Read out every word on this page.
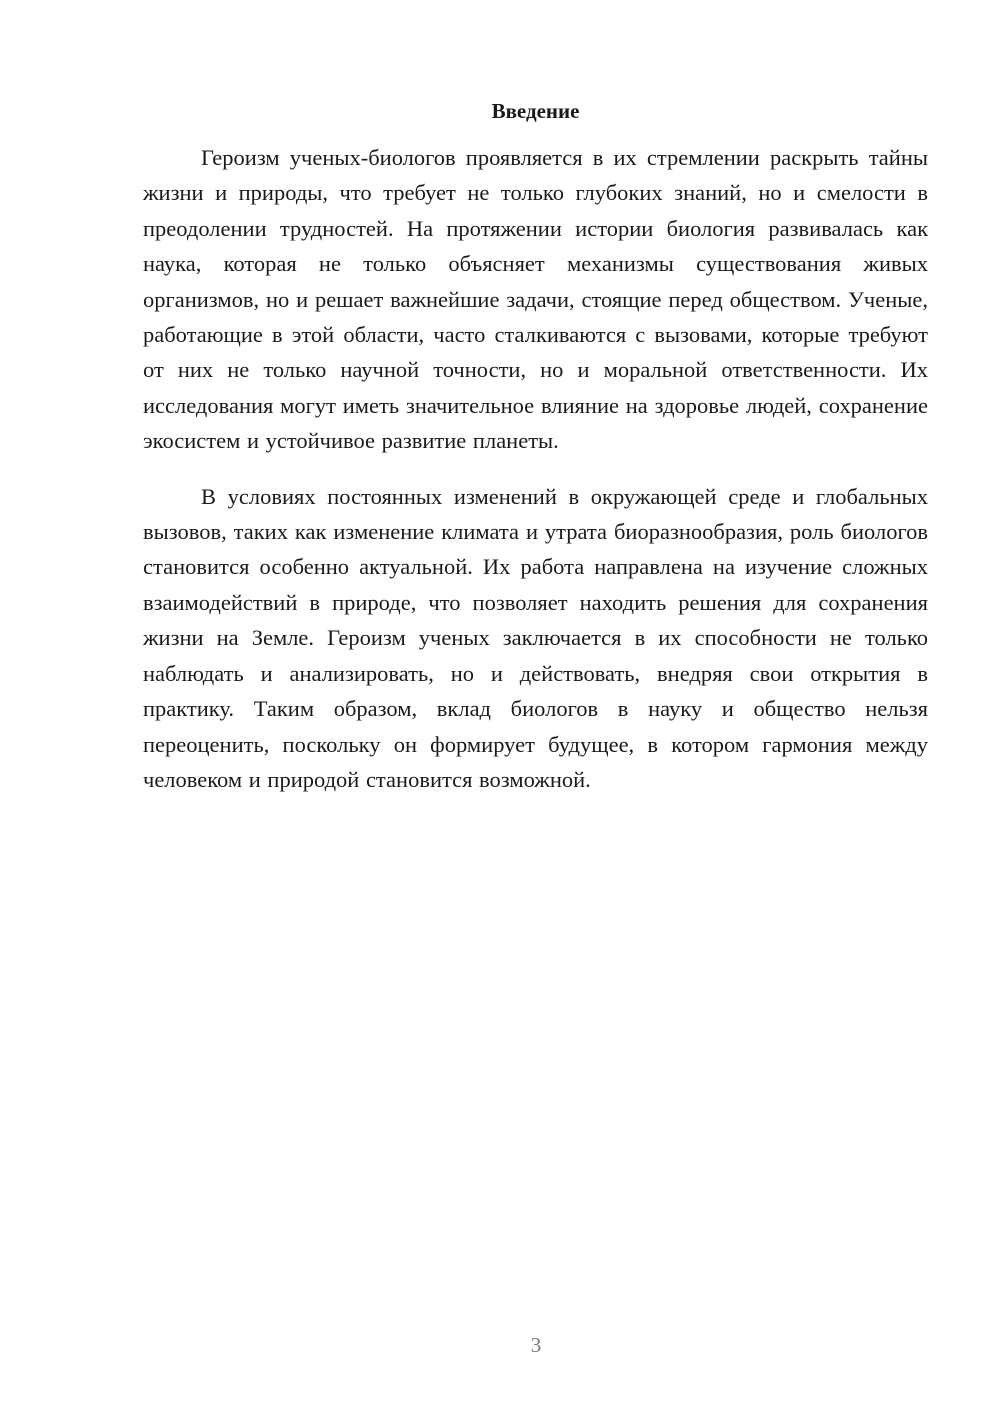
Введение

Героизм ученых-биологов проявляется в их стремлении раскрыть тайны жизни и природы, что требует не только глубоких знаний, но и смелости в преодолении трудностей. На протяжении истории биология развивалась как наука, которая не только объясняет механизмы существования живых организмов, но и решает важнейшие задачи, стоящие перед обществом. Ученые, работающие в этой области, часто сталкиваются с вызовами, которые требуют от них не только научной точности, но и моральной ответственности. Их исследования могут иметь значительное влияние на здоровье людей, сохранение экосистем и устойчивое развитие планеты.

В условиях постоянных изменений в окружающей среде и глобальных вызовов, таких как изменение климата и утрата биоразнообразия, роль биологов становится особенно актуальной. Их работа направлена на изучение сложных взаимодействий в природе, что позволяет находить решения для сохранения жизни на Земле. Героизм ученых заключается в их способности не только наблюдать и анализировать, но и действовать, внедряя свои открытия в практику. Таким образом, вклад биологов в науку и общество нельзя переоценить, поскольку он формирует будущее, в котором гармония между человеком и природой становится возможной.

3
